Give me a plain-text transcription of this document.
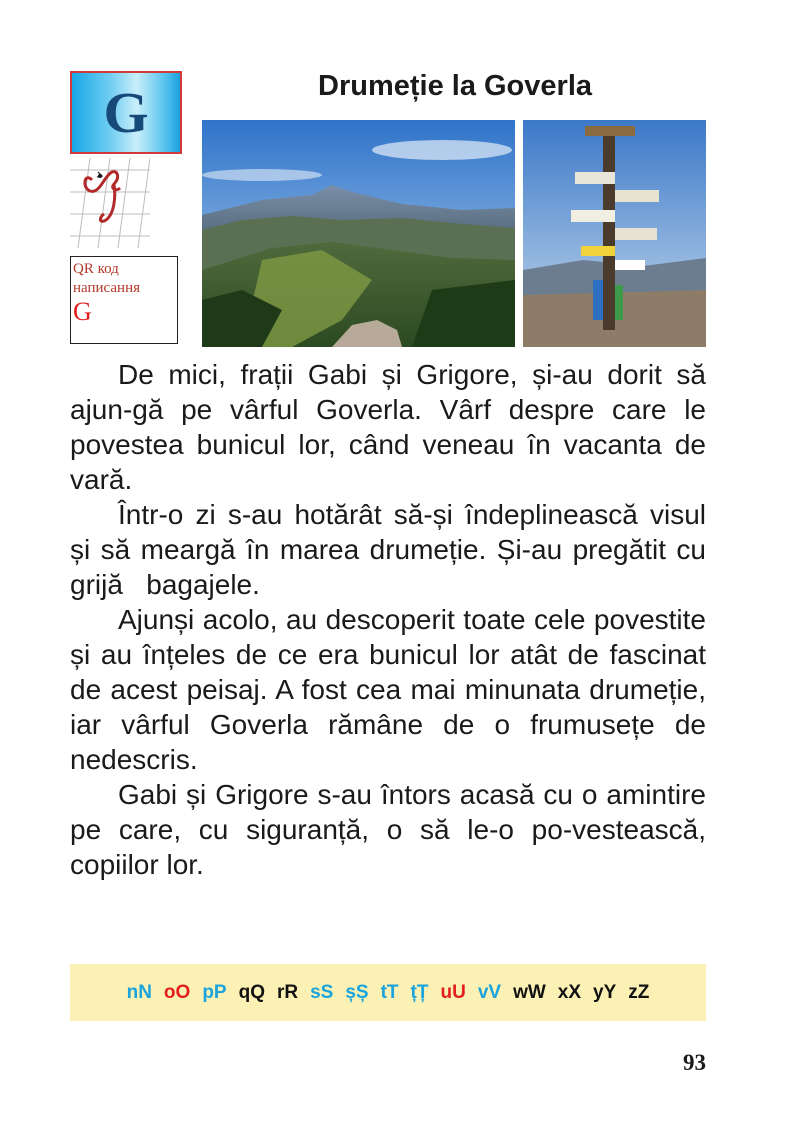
G
QR код
написання
G
Drumeție la Goverla

De mici, frații Gabi și Grigore, și-au dorit să ajun-gă pe vârful Goverla. Vârf despre care le povestea bunicul lor, când veneau în vacanta de vară.

Într-o zi s-au hotărât să-și îndeplinească visul și să meargă în marea drumeție. Și-au pregătit cu grijă   bagajele.

Ajunși acolo, au descoperit toate cele povestite și au înțeles de ce era bunicul lor atât de fascinat de acest peisaj. A fost cea mai minunata drumeție, iar vârful Goverla rămâne de o frumusețe de nedescris.

Gabi și Grigore s-au întors acasă cu o amintire pe care, cu siguranță, o să le-o po-vestească, copiilor lor.

nN oO pP qQ rR sS șȘ tT țȚ uU vV wW xX yY zZ
93
